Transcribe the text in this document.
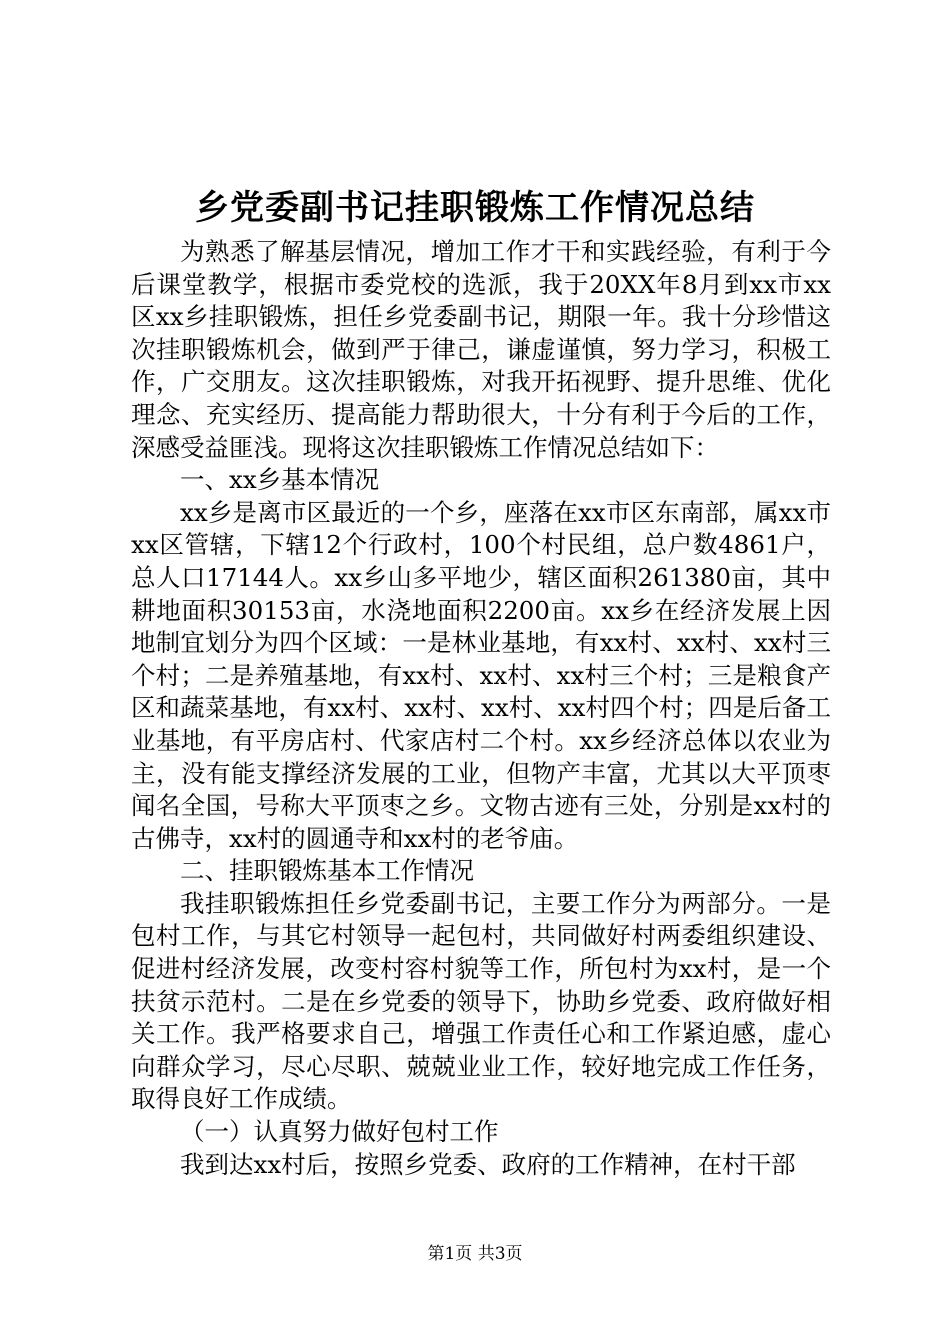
乡党委副书记挂职锻炼工作情况总结

为熟悉了解基层情况，增加工作才干和实践经验，有利于今后课堂教学，根据市委党校的选派，我于20XX年8月到xx市xx区xx乡挂职锻炼，担任乡党委副书记，期限一年。我十分珍惜这次挂职锻炼机会，做到严于律己，谦虚谨慎，努力学习，积极工作，广交朋友。这次挂职锻炼，对我开拓视野、提升思维、优化理念、充实经历、提高能力帮助很大，十分有利于今后的工作，深感受益匪浅。现将这次挂职锻炼工作情况总结如下：

一、xx乡基本情况

xx乡是离市区最近的一个乡，座落在xx市区东南部，属xx市xx区管辖，下辖12个行政村，100个村民组，总户数4861户，总人口17144人。xx乡山多平地少，辖区面积261380亩，其中耕地面积30153亩，水浇地面积2200亩。xx乡在经济发展上因地制宜划分为四个区域：一是林业基地，有xx村、xx村、xx村三个村；二是养殖基地，有xx村、xx村、xx村三个村；三是粮食产区和蔬菜基地，有xx村、xx村、xx村、xx村四个村；四是后备工业基地，有平房店村、代家店村二个村。xx乡经济总体以农业为主，没有能支撑经济发展的工业，但物产丰富，尤其以大平顶枣闻名全国，号称大平顶枣之乡。文物古迹有三处，分别是xx村的古佛寺，xx村的圆通寺和xx村的老爷庙。

二、挂职锻炼基本工作情况

我挂职锻炼担任乡党委副书记，主要工作分为两部分。一是包村工作，与其它村领导一起包村，共同做好村两委组织建设、促进村经济发展，改变村容村貌等工作，所包村为xx村，是一个扶贫示范村。二是在乡党委的领导下，协助乡党委、政府做好相关工作。我严格要求自己，增强工作责任心和工作紧迫感，虚心向群众学习，尽心尽职、兢兢业业工作，较好地完成工作任务，取得良好工作成绩。

（一）认真努力做好包村工作

我到达xx村后，按照乡党委、政府的工作精神，在村干部

第1页 共3页
